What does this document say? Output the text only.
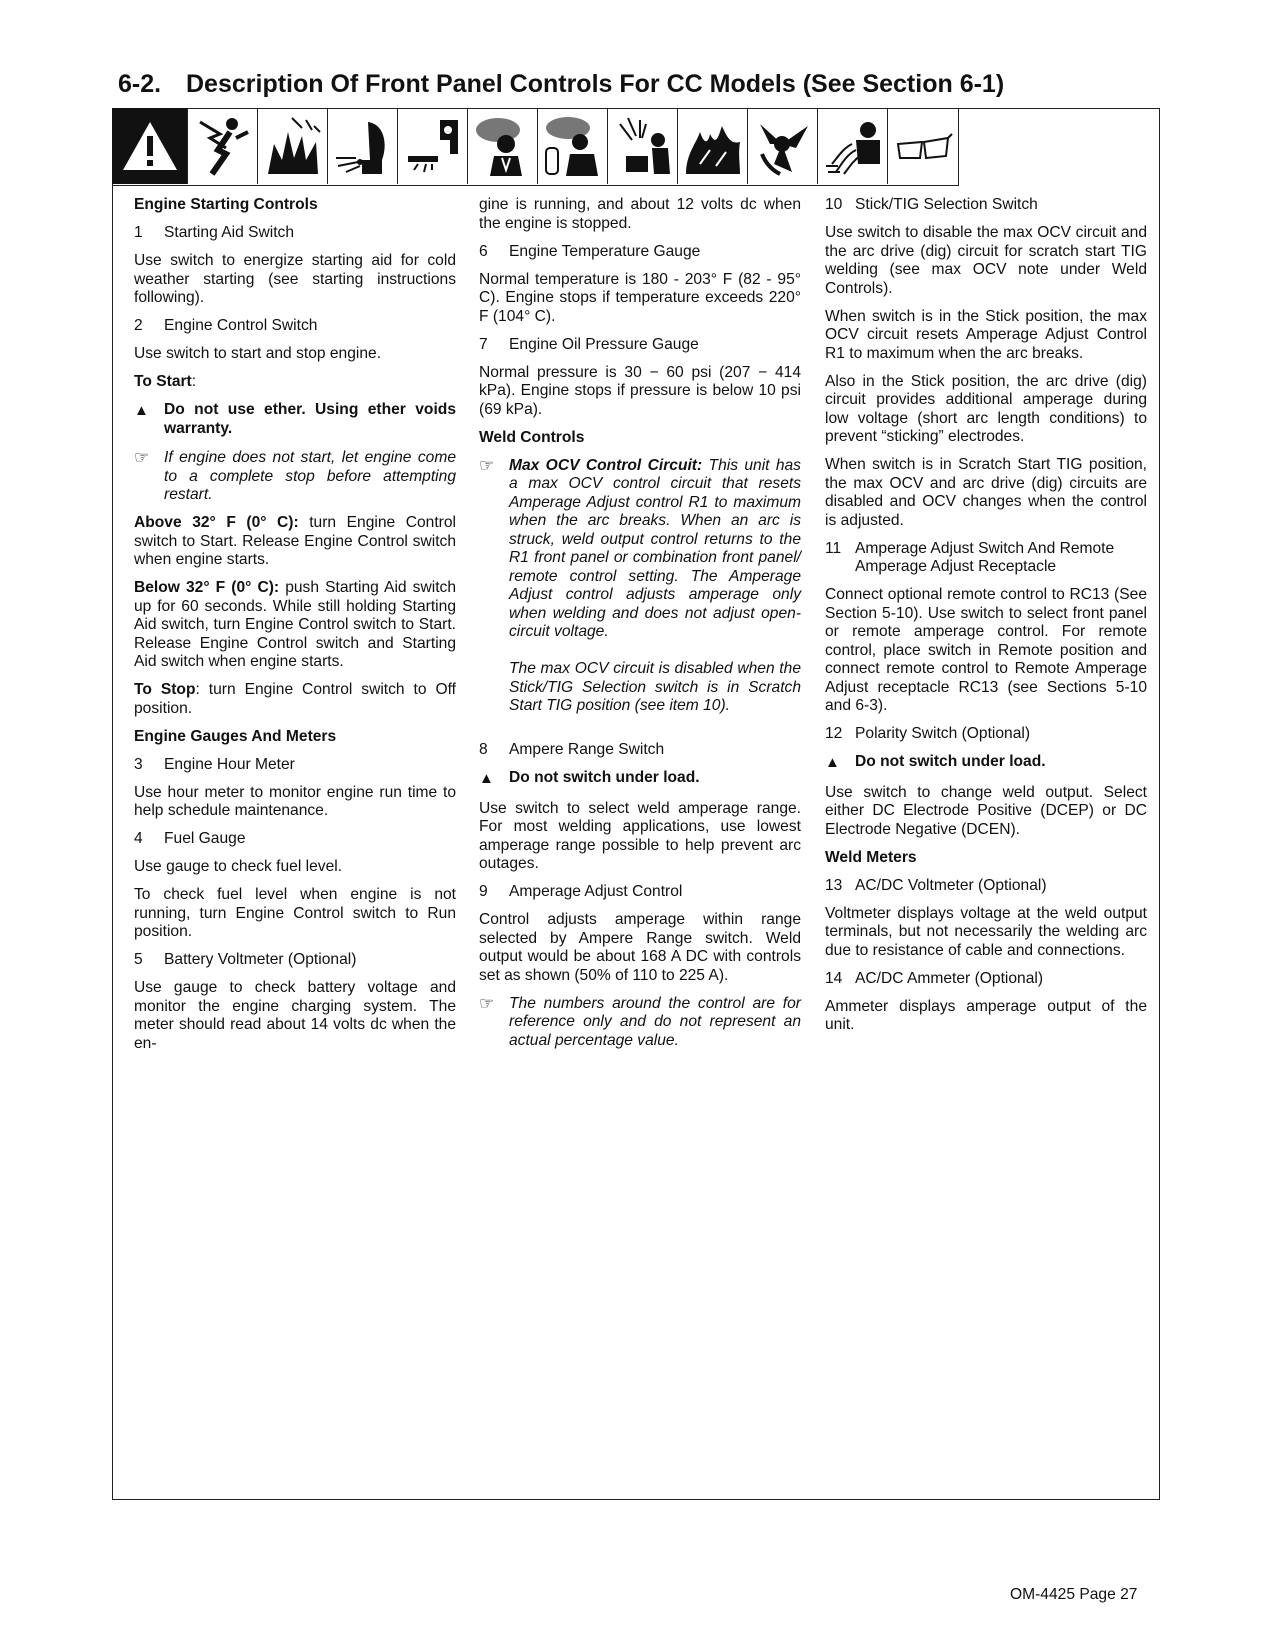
6-2. Description Of Front Panel Controls For CC Models (See Section 6-1)
Engine Starting Controls
1	Starting Aid Switch

Use switch to energize starting aid for cold weather starting (see starting instructions following).

2	Engine Control Switch

Use switch to start and stop engine.

To Start:

▲ Do not use ether. Using ether voids warranty.
☞ If engine does not start, let engine come to a complete stop before attempting restart.

Above 32° F (0° C): turn Engine Control switch to Start. Release Engine Control switch when engine starts.

Below 32° F (0° C): push Starting Aid switch up for 60 seconds. While still holding Starting Aid switch, turn Engine Control switch to Start. Release Engine Control switch and Starting Aid switch when engine starts.

To Stop: turn Engine Control switch to Off position.

Engine Gauges And Meters
3	Engine Hour Meter

Use hour meter to monitor engine run time to help schedule maintenance.

4	Fuel Gauge

Use gauge to check fuel level.

To check fuel level when engine is not running, turn Engine Control switch to Run position.

5	Battery Voltmeter (Optional)

Use gauge to check battery voltage and monitor the engine charging system. The meter should read about 14 volts dc when the en-

gine is running, and about 12 volts dc when the engine is stopped.

6	Engine Temperature Gauge

Normal temperature is 180 - 203° F (82 - 95° C). Engine stops if temperature exceeds 220° F (104° C).

7	Engine Oil Pressure Gauge

Normal pressure is 30 − 60 psi (207 − 414 kPa). Engine stops if pressure is below 10 psi (69 kPa).

Weld Controls
☞ Max OCV Control Circuit: This unit has a max OCV control circuit that resets Amperage Adjust control R1 to maximum when the arc breaks. When an arc is struck, weld output control returns to the R1 front panel or combination front panel/ remote control setting. The Amperage Adjust control adjusts amperage only when welding and does not adjust open-circuit voltage.

The max OCV circuit is disabled when the Stick/TIG Selection switch is in Scratch Start TIG position (see item 10).
8	Ampere Range Switch
▲ Do not switch under load.

Use switch to select weld amperage range. For most welding applications, use lowest amperage range possible to help prevent arc outages.

9	Amperage Adjust Control

Control adjusts amperage within range selected by Ampere Range switch. Weld output would be about 168 A DC with controls set as shown (50% of 110 to 225 A).

☞ The numbers around the control are for reference only and do not represent an actual percentage value.
10 Stick/TIG Selection Switch

Use switch to disable the max OCV circuit and the arc drive (dig) circuit for scratch start TIG welding (see max OCV note under Weld Controls).

When switch is in the Stick position, the max OCV circuit resets Amperage Adjust Control R1 to maximum when the arc breaks.

Also in the Stick position, the arc drive (dig) circuit provides additional amperage during low voltage (short arc length conditions) to prevent “sticking” electrodes.

When switch is in Scratch Start TIG position, the max OCV and arc drive (dig) circuits are disabled and OCV changes when the control is adjusted.

11 Amperage Adjust Switch And Remote Amperage Adjust Receptacle

Connect optional remote control to RC13 (See Section 5-10). Use switch to select front panel or remote amperage control. For remote control, place switch in Remote position and connect remote control to Remote Amperage Adjust receptacle RC13 (see Sections 5-10 and 6-3).

12 Polarity Switch (Optional)
▲ Do not switch under load.

Use switch to change weld output. Select either DC Electrode Positive (DCEP) or DC Electrode Negative (DCEN).

Weld Meters
13 AC/DC Voltmeter (Optional)

Voltmeter displays voltage at the weld output terminals, but not necessarily the welding arc due to resistance of cable and connections.

14 AC/DC Ammeter (Optional)

Ammeter displays amperage output of the unit.

OM-4425 Page 27
